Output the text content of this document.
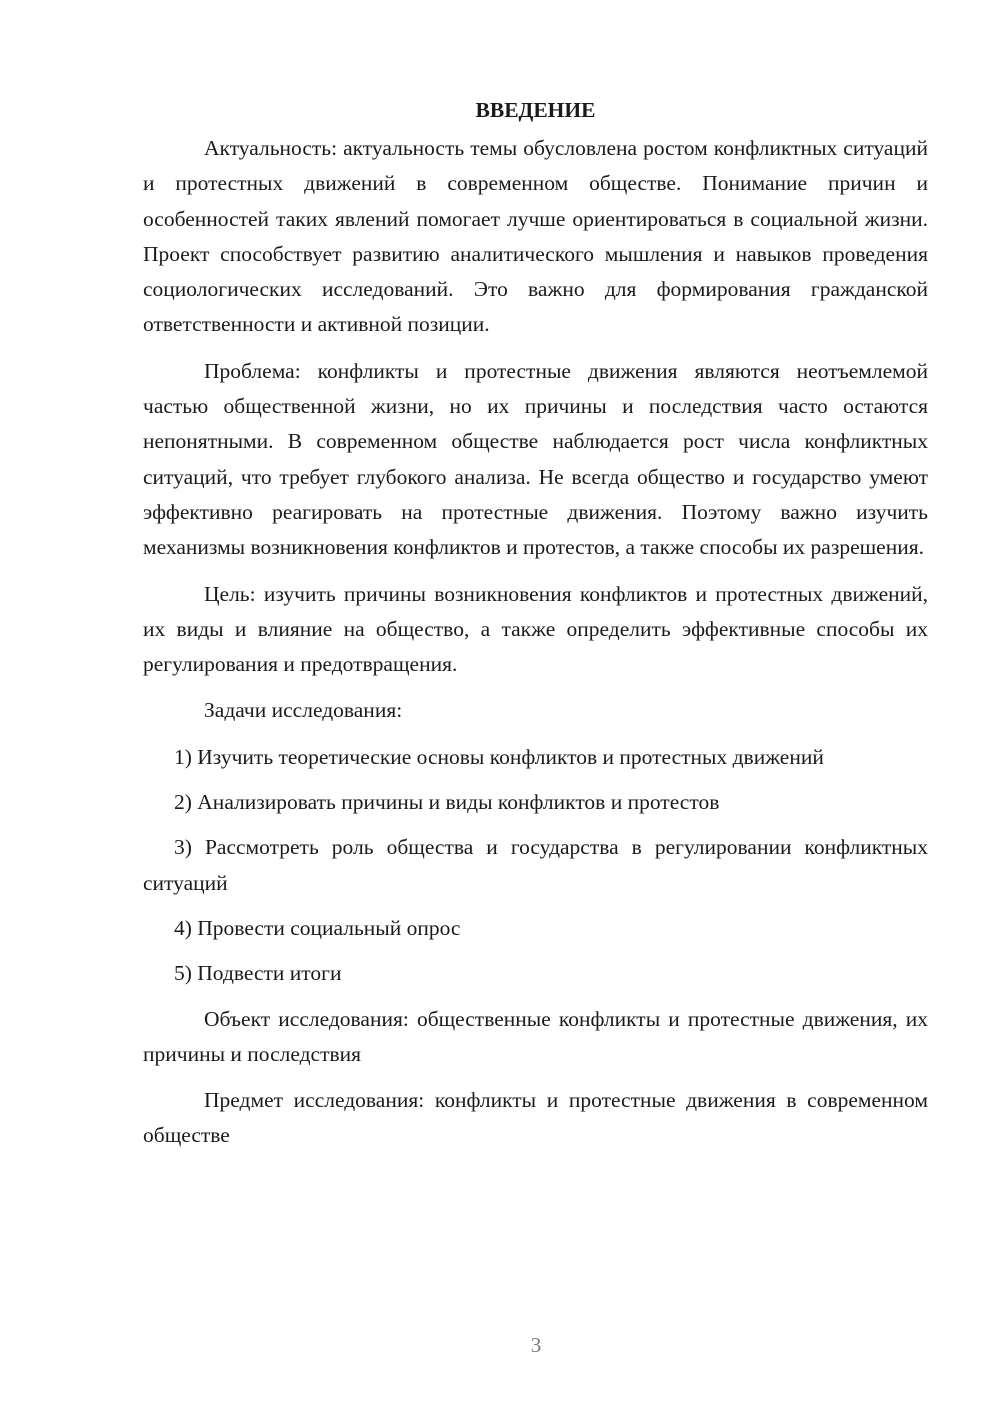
ВВЕДЕНИЕ

Актуальность: актуальность темы обусловлена ростом конфликтных ситуаций и протестных движений в современном обществе. Понимание причин и особенностей таких явлений помогает лучше ориентироваться в социальной жизни. Проект способствует развитию аналитического мышления и навыков проведения социологических исследований. Это важно для формирования гражданской ответственности и активной позиции.

Проблема: конфликты и протестные движения являются неотъемлемой частью общественной жизни, но их причины и последствия часто остаются непонятными. В современном обществе наблюдается рост числа конфликтных ситуаций, что требует глубокого анализа. Не всегда общество и государство умеют эффективно реагировать на протестные движения. Поэтому важно изучить механизмы возникновения конфликтов и протестов, а также способы их разрешения.

Цель: изучить причины возникновения конфликтов и протестных движений, их виды и влияние на общество, а также определить эффективные способы их регулирования и предотвращения.

Задачи исследования:

1) Изучить теоретические основы конфликтов и протестных движений

2) Анализировать причины и виды конфликтов и протестов

3) Рассмотреть роль общества и государства в регулировании конфликтных ситуаций

4) Провести социальный опрос

5) Подвести итоги

Объект исследования: общественные конфликты и протестные движения, их причины и последствия

Предмет исследования: конфликты и протестные движения в современном обществе

3
